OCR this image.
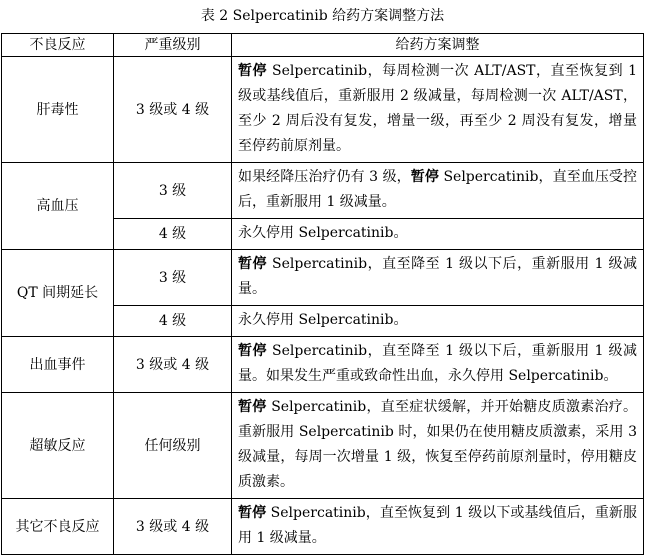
表 2 Selpercatinib 给药方案调整方法
不良反应	严重级别	给药方案调整
肝毒性	3 级或 4 级	暂停 Selpercatinib，每周检测一次 ALT/AST，直至恢复到 1 级或基线值后，重新服用 2 级减量，每周检测一次 ALT/AST，至少 2 周后没有复发，增量一级，再至少 2 周没有复发，增量至停药前原剂量。
高血压	3 级	如果经降压治疗仍有 3 级，暂停 Selpercatinib，直至血压受控后，重新服用 1 级减量。
	4 级	永久停用 Selpercatinib。
QT 间期延长	3 级	暂停 Selpercatinib，直至降至 1 级以下后，重新服用 1 级减量。
	4 级	永久停用 Selpercatinib。
出血事件	3 级或 4 级	暂停 Selpercatinib，直至降至 1 级以下后，重新服用 1 级减量。如果发生严重或致命性出血，永久停用 Selpercatinib。
超敏反应	任何级别	暂停 Selpercatinib，直至症状缓解，并开始糖皮质激素治疗。重新服用 Selpercatinib 时，如果仍在使用糖皮质激素，采用 3 级减量，每周一次增量 1 级，恢复至停药前原剂量时，停用糖皮质激素。
其它不良反应	3 级或 4 级	暂停 Selpercatinib，直至恢复到 1 级以下或基线值后，重新服用 1 级减量。
